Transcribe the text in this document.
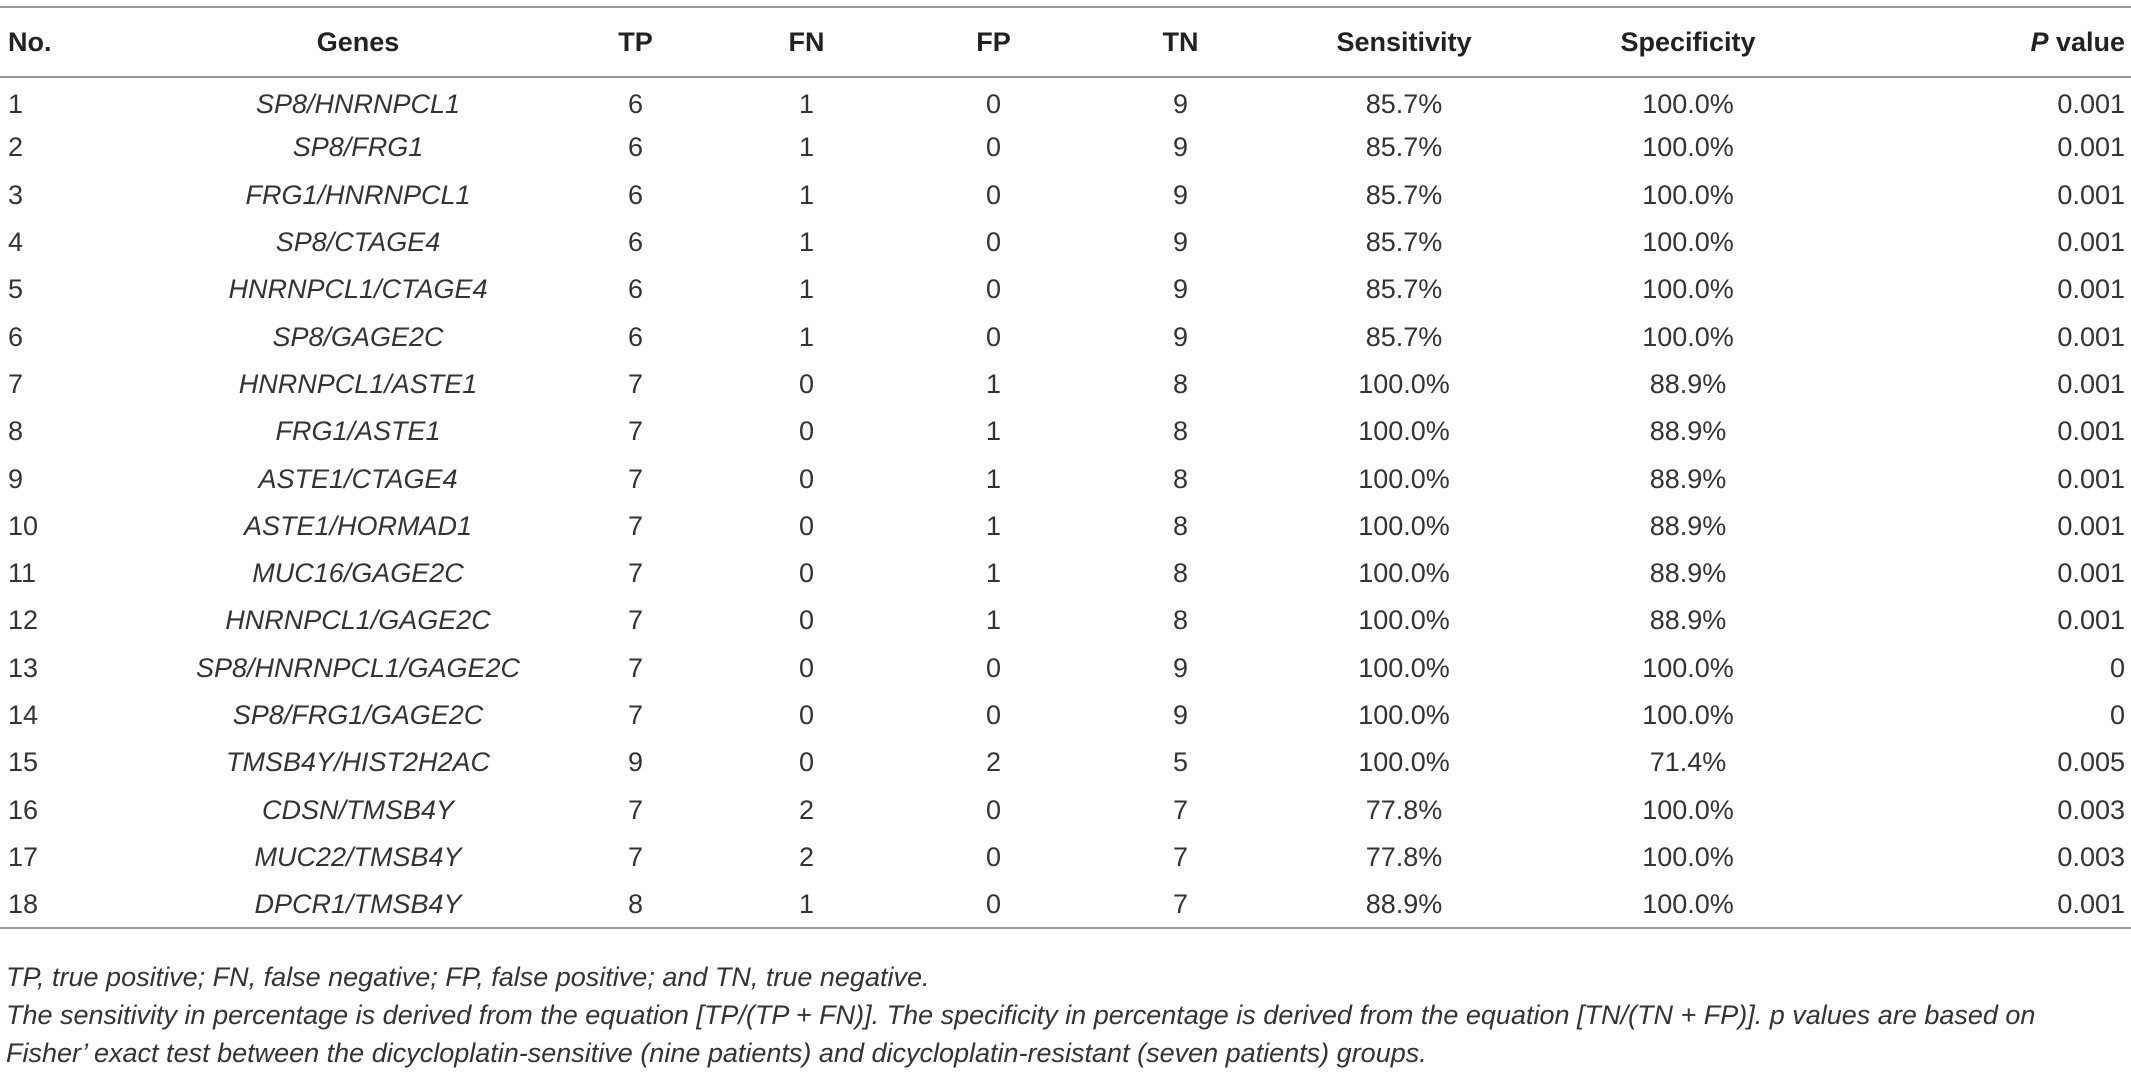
No.	Genes	TP	FN	FP	TN	Sensitivity	Specificity	P value
1	SP8/HNRNPCL1	6	1	0	9	85.7%	100.0%	0.001
2	SP8/FRG1	6	1	0	9	85.7%	100.0%	0.001
3	FRG1/HNRNPCL1	6	1	0	9	85.7%	100.0%	0.001
4	SP8/CTAGE4	6	1	0	9	85.7%	100.0%	0.001
5	HNRNPCL1/CTAGE4	6	1	0	9	85.7%	100.0%	0.001
6	SP8/GAGE2C	6	1	0	9	85.7%	100.0%	0.001
7	HNRNPCL1/ASTE1	7	0	1	8	100.0%	88.9%	0.001
8	FRG1/ASTE1	7	0	1	8	100.0%	88.9%	0.001
9	ASTE1/CTAGE4	7	0	1	8	100.0%	88.9%	0.001
10	ASTE1/HORMAD1	7	0	1	8	100.0%	88.9%	0.001
11	MUC16/GAGE2C	7	0	1	8	100.0%	88.9%	0.001
12	HNRNPCL1/GAGE2C	7	0	1	8	100.0%	88.9%	0.001
13	SP8/HNRNPCL1/GAGE2C	7	0	0	9	100.0%	100.0%	0
14	SP8/FRG1/GAGE2C	7	0	0	9	100.0%	100.0%	0
15	TMSB4Y/HIST2H2AC	9	0	2	5	100.0%	71.4%	0.005
16	CDSN/TMSB4Y	7	2	0	7	77.8%	100.0%	0.003
17	MUC22/TMSB4Y	7	2	0	7	77.8%	100.0%	0.003
18	DPCR1/TMSB4Y	8	1	0	7	88.9%	100.0%	0.001

TP, true positive; FN, false negative; FP, false positive; and TN, true negative.

The sensitivity in percentage is derived from the equation [TP/(TP + FN)]. The specificity in percentage is derived from the equation [TN/(TN + FP)]. p values are based on Fisher’ exact test between the dicycloplatin-sensitive (nine patients) and dicycloplatin-resistant (seven patients) groups.
